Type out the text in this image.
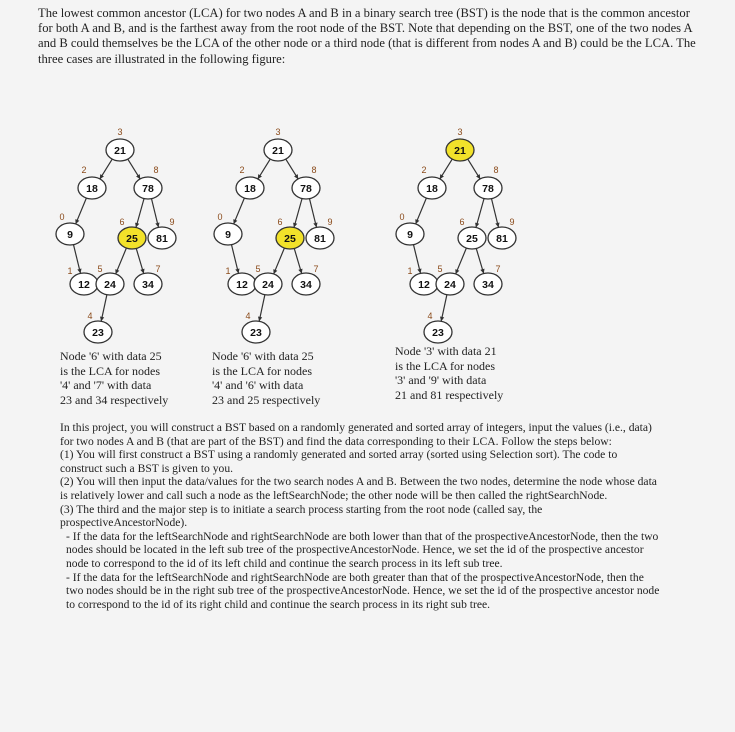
The lowest common ancestor (LCA) for two nodes A and B in a binary search tree (BST) is the node that is the common ancestor for both A and B, and is the farthest away from the root node of the BST. Note that depending on the BST, one of the two nodes A and B could themselves be the LCA of the other node or a third node (that is different from nodes A and B) could be the LCA. The three cases are illustrated in the following figure:

21
3
18
2
78
8
9
0
25
6
81
9
12
1
24
5
34
7
23
4
21
3
18
2
78
8
9
0
25
6
81
9
12
1
24
5
34
7
23
4
21
3
18
2
78
8
9
0
25
6
81
9
12
1
24
5
34
7
23
4
Node '6' with data 25
is the LCA for nodes
'4' and '7' with data
23 and 34 respectively
Node '6' with data 25
is the LCA for nodes
'4' and '6' with data
23 and 25 respectively
Node '3' with data 21
is the LCA for nodes
'3' and '9' with data
21 and 81 respectively

In this project, you will construct a BST based on a randomly generated and sorted array of integers, input the values (i.e., data) for two nodes A and B (that are part of the BST) and find the data corresponding to their LCA. Follow the steps below:

(1) You will first construct a BST using a randomly generated and sorted array (sorted using Selection sort). The code to construct such a BST is given to you.

(2) You will then input the data/values for the two search nodes A and B. Between the two nodes, determine the node whose data is relatively lower and call such a node as the leftSearchNode; the other node will be then called the rightSearchNode.

(3) The third and the major step is to initiate a search process starting from the root node (called say, the prospectiveAncestorNode).

- If the data for the leftSearchNode and rightSearchNode are both lower than that of the prospectiveAncestorNode, then the two nodes should be located in the left sub tree of the prospectiveAncestorNode. Hence, we set the id of the prospective ancestor node to correspond to the id of its left child and continue the search process in its left sub tree.

- If the data for the leftSearchNode and rightSearchNode are both greater than that of the prospectiveAncestorNode, then the two nodes should be in the right sub tree of the prospectiveAncestorNode. Hence, we set the id of the prospective ancestor node to correspond to the id of its right child and continue the search process in its right sub tree.
